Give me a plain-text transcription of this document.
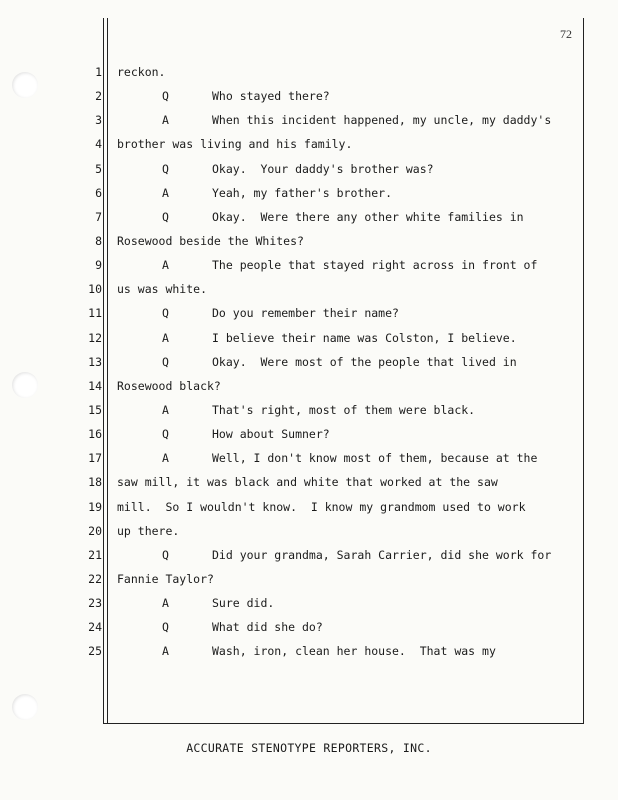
72
1
2
3
4
5
6
7
8
9
10
11
12
13
14
15
16
17
18
19
20
21
22
23
24
25
reckon.
Q	Who stayed there?
A	When this incident happened, my uncle, my daddy's
brother was living and his family.
Q	Okay.  Your daddy's brother was?
A	Yeah, my father's brother.
Q	Okay.  Were there any other white families in
Rosewood beside the Whites?
A	The people that stayed right across in front of
us was white.
Q	Do you remember their name?
A	I believe their name was Colston, I believe.
Q	Okay.  Were most of the people that lived in
Rosewood black?
A	That's right, most of them were black.
Q	How about Sumner?
A	Well, I don't know most of them, because at the
saw mill, it was black and white that worked at the saw
mill.  So I wouldn't know.  I know my grandmom used to work
up there.
Q	Did your grandma, Sarah Carrier, did she work for
Fannie Taylor?
A	Sure did.
Q	What did she do?
A	Wash, iron, clean her house.  That was my
ACCURATE STENOTYPE REPORTERS, INC.
